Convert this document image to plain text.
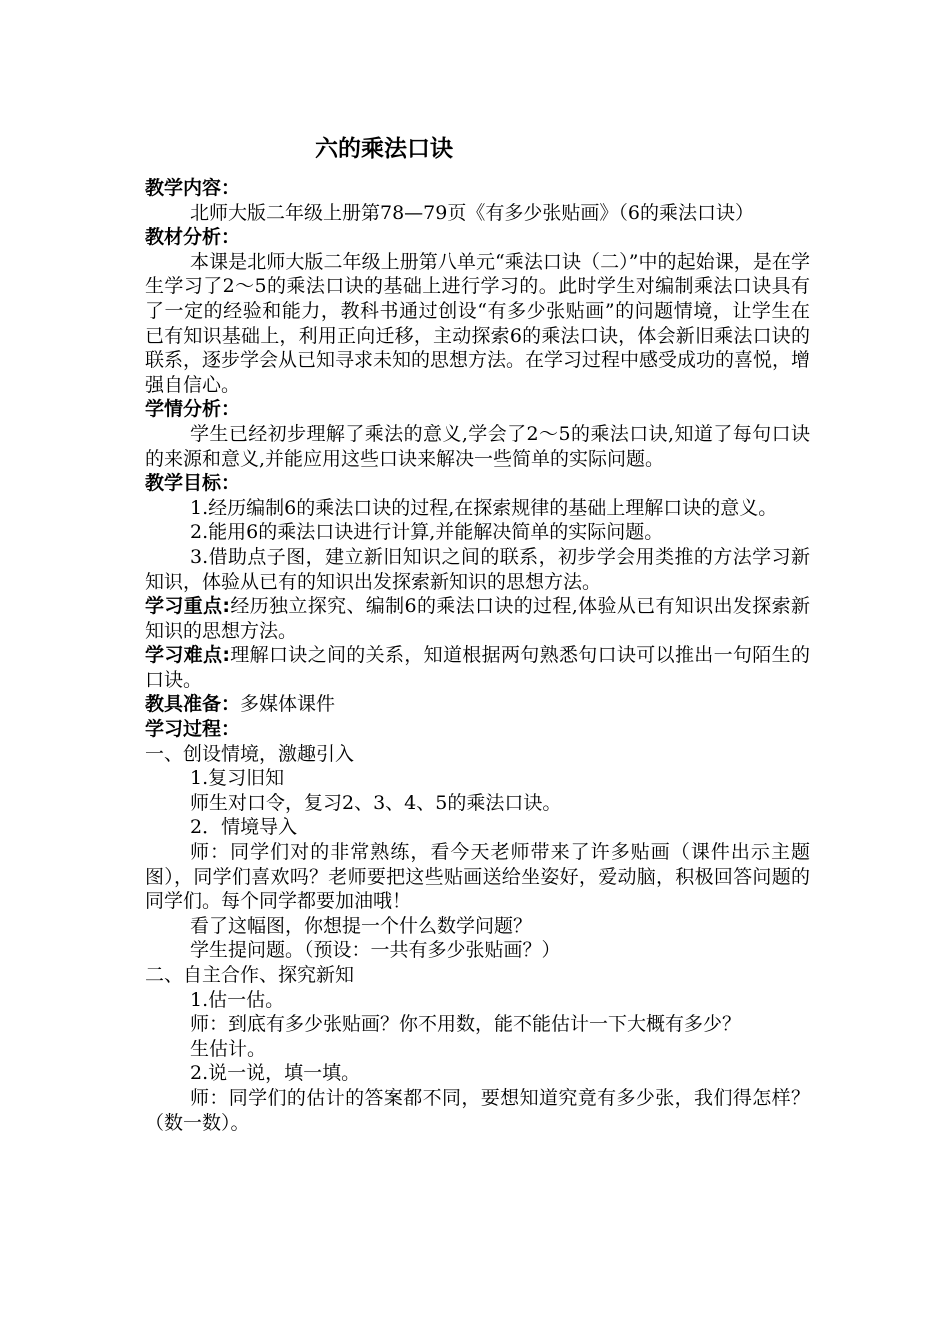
六的乘法口诀

教学内容：

北师大版二年级上册第78—79页《有多少张贴画》（6的乘法口诀）

教材分析：

本课是北师大版二年级上册第八单元“乘法口诀（二）”中的起始课，是在学生学习了2～5的乘法口诀的基础上进行学习的。此时学生对编制乘法口诀具有了一定的经验和能力，教科书通过创设“有多少张贴画”的问题情境，让学生在已有知识基础上，利用正向迁移，主动探索6的乘法口诀，体会新旧乘法口诀的联系，逐步学会从已知寻求未知的思想方法。在学习过程中感受成功的喜悦，增强自信心。

学情分析：

学生已经初步理解了乘法的意义,学会了2～5的乘法口诀,知道了每句口诀的来源和意义,并能应用这些口诀来解决一些简单的实际问题。

教学目标：

1.经历编制6的乘法口诀的过程,在探索规律的基础上理解口诀的意义。

2.能用6的乘法口诀进行计算,并能解决简单的实际问题。

3.借助点子图，建立新旧知识之间的联系，初步学会用类推的方法学习新知识，体验从已有的知识出发探索新知识的思想方法。

学习重点:经历独立探究、编制6的乘法口诀的过程,体验从已有知识出发探索新知识的思想方法。

学习难点:理解口诀之间的关系，知道根据两句熟悉句口诀可以推出一句陌生的口诀。

教具准备：多媒体课件

学习过程：

一、创设情境，激趣引入

1.复习旧知

师生对口令，复习2、3、4、5的乘法口诀。

2．情境导入

师：同学们对的非常熟练，看今天老师带来了许多贴画（课件出示主题图），同学们喜欢吗？老师要把这些贴画送给坐姿好，爱动脑，积极回答问题的同学们。每个同学都要加油哦！

看了这幅图，你想提一个什么数学问题？

学生提问题。（预设：一共有多少张贴画？）

二、自主合作、探究新知

1.估一估。

师：到底有多少张贴画？你不用数，能不能估计一下大概有多少？

生估计。

2.说一说，填一填。

师：同学们的估计的答案都不同，要想知道究竟有多少张，我们得怎样？（数一数）。
